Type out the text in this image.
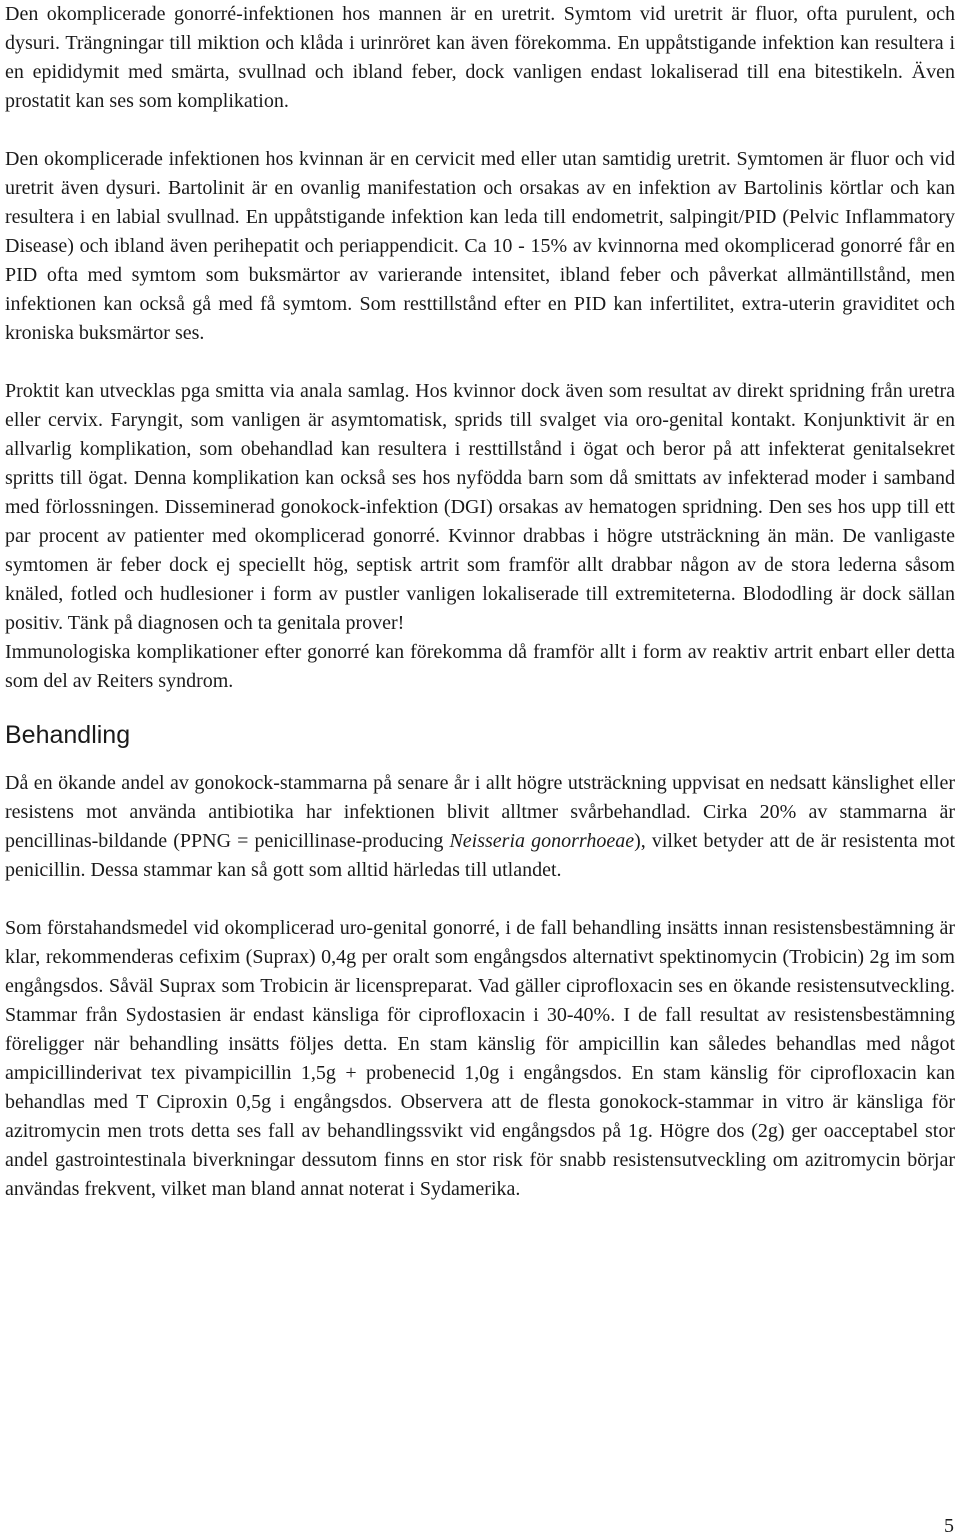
Den okomplicerade gonorré-infektionen hos mannen är en uretrit. Symtom vid uretrit är fluor, ofta purulent, och dysuri. Trängningar till miktion och klåda i urinröret kan även förekomma. En uppåtstigande infektion kan resultera i en epididymit med smärta, svullnad och ibland feber, dock vanligen endast lokaliserad till ena bitestikeln. Även prostatit kan ses som komplikation.

Den okomplicerade infektionen hos kvinnan är en cervicit med eller utan samtidig uretrit. Symtomen är fluor och vid uretrit även dysuri. Bartolinit är en ovanlig manifestation och orsakas av en infektion av Bartolinis körtlar och kan resultera i en labial svullnad. En uppåtstigande infektion kan leda till endometrit, salpingit/PID (Pelvic Inflammatory Disease) och ibland även perihepatit och periappendicit. Ca 10 - 15% av kvinnorna med okomplicerad gonorré får en PID ofta med symtom som buksmärtor av varierande intensitet, ibland feber och påverkat allmäntillstånd, men infektionen kan också gå med få symtom. Som resttillstånd efter en PID kan infertilitet, extra-uterin graviditet och kroniska buksmärtor ses.

Proktit kan utvecklas pga smitta via anala samlag. Hos kvinnor dock även som resultat av direkt spridning från uretra eller cervix. Faryngit, som vanligen är asymtomatisk, sprids till svalget via oro-genital kontakt. Konjunktivit är en allvarlig komplikation, som obehandlad kan resultera i resttillstånd i ögat och beror på att infekterat genitalsekret spritts till ögat. Denna komplikation kan också ses hos nyfödda barn som då smittats av infekterad moder i samband med förlossningen. Disseminerad gonokock-infektion (DGI) orsakas av hematogen spridning. Den ses hos upp till ett par procent av patienter med okomplicerad gonorré. Kvinnor drabbas i högre utsträckning än män. De vanligaste symtomen är feber dock ej speciellt hög, septisk artrit som framför allt drabbar någon av de stora lederna såsom knäled, fotled och hudlesioner i form av pustler vanligen lokaliserade till extremiteterna. Blododling är dock sällan positiv. Tänk på diagnosen och ta genitala prover!

Immunologiska komplikationer efter gonorré kan förekomma då framför allt i form av reaktiv artrit enbart eller detta som del av Reiters syndrom.

Behandling

Då en ökande andel av gonokock-stammarna på senare år i allt högre utsträckning uppvisat en nedsatt känslighet eller resistens mot använda antibiotika har infektionen blivit alltmer svårbehandlad. Cirka 20% av stammarna är pencillinas-bildande (PPNG = penicillinase-producing Neisseria gonorrhoeae), vilket betyder att de är resistenta mot penicillin. Dessa stammar kan så gott som alltid härledas till utlandet.

Som förstahandsmedel vid okomplicerad uro-genital gonorré, i de fall behandling insätts innan resistensbestämning är klar, rekommenderas cefixim (Suprax) 0,4g per oralt som engångsdos alternativt spektinomycin (Trobicin) 2g im som engångsdos. Såväl Suprax som Trobicin är licenspreparat. Vad gäller ciprofloxacin ses en ökande resistensutveckling. Stammar från Sydostasien är endast känsliga för ciprofloxacin i 30-40%. I de fall resultat av resistensbestämning föreligger när behandling insätts följes detta. En stam känslig för ampicillin kan således behandlas med något ampicillinderivat tex pivampicillin 1,5g + probenecid 1,0g i engångsdos. En stam känslig för ciprofloxacin kan behandlas med T Ciproxin 0,5g i engångsdos. Observera att de flesta gonokock-stammar in vitro är känsliga för azitromycin men trots detta ses fall av behandlingssvikt vid engångsdos på 1g. Högre dos (2g) ger oacceptabel stor andel gastrointestinala biverkningar dessutom finns en stor risk för snabb resistensutveckling om azitromycin börjar användas frekvent, vilket man bland annat noterat i Sydamerika.

5
